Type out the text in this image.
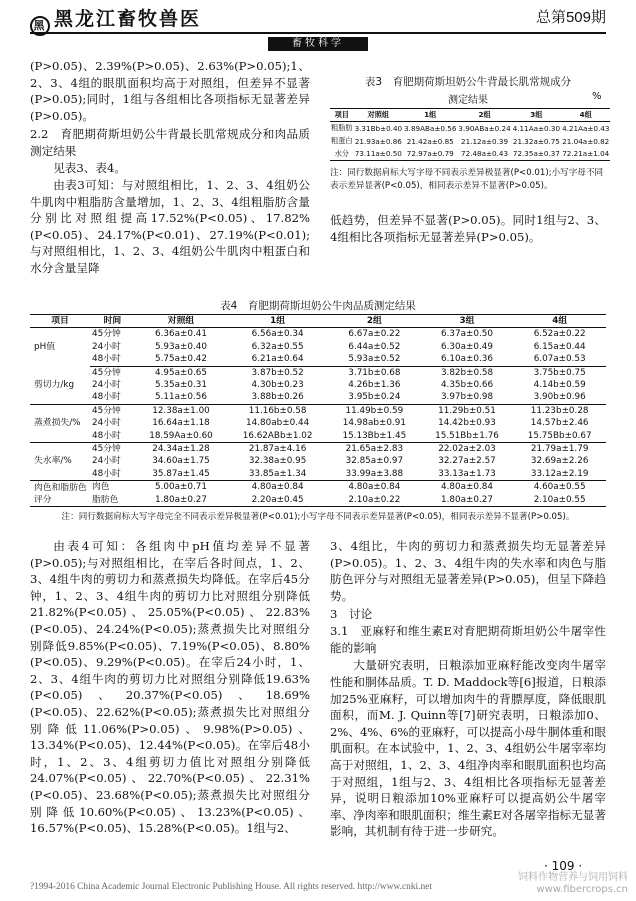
黑 黑龙江畜牧兽医	总第509期
畜牧科学

(P>0.05)、2.39%(P>0.05)、2.63%(P>0.05);1、2、3、4组的眼肌面积均高于对照组，但差异不显著(P>0.05);同时，1组与各组相比各项指标无显著差异(P>0.05)。

2.2　育肥期荷斯坦奶公牛背最长肌常规成分和肉品质测定结果

见表3、表4。

由表3可知：与对照组相比，1、2、3、4组奶公牛肌肉中粗脂肪含量增加，1、2、3、4组粗脂肪含量分别比对照组提高17.52%(P<0.05)、17.82%(P<0.05)、24.17%(P<0.01)、27.19%(P<0.01);与对照组相比，1、2、3、4组奶公牛肌肉中粗蛋白和水分含量呈降

表3　育肥期荷斯坦奶公牛背最长肌常规成分
测定结果	%
项目	对照组	1组	2组	3组	4组
粗脂肪	3.31Bb±0.40	3.89ABa±0.56	3.90ABa±0.24	4.11Aa±0.30	4.21Aa±0.43
粗蛋白	21.93a±0.86	21.42a±0.85	21.12a±0.39	21.32a±0.75	21.04a±0.82
水分	73.11a±0.50	72.97a±0.79	72.48a±0.43	72.35a±0.37	72.21a±1.04
注：同行数据肩标大写字母不同表示差异极显著(P<0.01);小写字母不同表示差异显著(P<0.05)，相同表示差异不显著(P>0.05)。

低趋势，但差异不显著(P>0.05)。同时1组与2、3、4组相比各项指标无显著差异(P>0.05)。

表4　育肥期荷斯坦奶公牛肉品质测定结果
项目	时间	对照组	1组	2组	3组	4组
pH值	45分钟	6.36a±0.41	6.56a±0.34	6.67a±0.22	6.37a±0.50	6.52a±0.22
	24小时	5.93a±0.40	6.32a±0.55	6.44a±0.52	6.30a±0.49	6.15a±0.44
	48小时	5.75a±0.42	6.21a±0.64	5.93a±0.52	6.10a±0.36	6.07a±0.53
剪切力/kg	45分钟	4.95a±0.65	3.87b±0.52	3.71b±0.68	3.82b±0.58	3.75b±0.75
	24小时	5.35a±0.31	4.30b±0.23	4.26b±1.36	4.35b±0.66	4.14b±0.59
	48小时	5.11a±0.56	3.88b±0.26	3.95b±0.24	3.97b±0.98	3.90b±0.96
蒸煮损失/%	45分钟	12.38a±1.00	11.16b±0.58	11.49b±0.59	11.29b±0.51	11.23b±0.28
	24小时	16.64a±1.18	14.80ab±0.44	14.98ab±0.91	14.42b±0.93	14.57b±2.46
	48小时	18.59Aa±0.60	16.62ABb±1.02	15.13Bb±1.45	15.51Bb±1.76	15.75Bb±0.67
失水率/%	45分钟	24.34a±1.28	21.87a±4.16	21.65a±2.83	22.02a±2.03	21.79a±1.79
	24小时	34.60a±1.75	32.38a±0.95	32.85a±0.97	32.27a±2.57	32.69a±2.26
	48小时	35.87a±1.45	33.85a±1.34	33.99a±3.88	33.13a±1.73	33.12a±2.19
肉色和脂肪色评分	肉色	5.00a±0.71	4.80a±0.84	4.80a±0.84	4.80a±0.84	4.60a±0.55
	脂肪色	1.80a±0.27	2.20a±0.45	2.10a±0.22	1.80a±0.27	2.10a±0.55
注：同行数据肩标大写字母完全不同表示差异极显著(P<0.01);小写字母不同表示差异显著(P<0.05)，相同表示差异不显著(P>0.05)。

由表4可知：各组肉中pH值均差异不显著(P>0.05);与对照组相比，在宰后各时间点，1、2、3、4组牛肉的剪切力和蒸煮损失均降低。在宰后45分钟，1、2、3、4组牛肉的剪切力比对照组分别降低21.82%(P<0.05)、25.05%(P<0.05)、22.83%(P<0.05)、24.24%(P<0.05);蒸煮损失比对照组分别降低9.85%(P<0.05)、7.19%(P<0.05)、8.80%(P<0.05)、9.29%(P<0.05)。在宰后24小时，1、2、3、4组牛肉的剪切力比对照组分别降低19.63%(P<0.05)、20.37%(P<0.05)、18.69%(P<0.05)、22.62%(P<0.05);蒸煮损失比对照组分别降低11.06%(P>0.05)、9.98%(P>0.05)、13.34%(P<0.05)、12.44%(P<0.05)。在宰后48小时，1、2、3、4组剪切力值比对照组分别降低24.07%(P<0.05)、22.70%(P<0.05)、22.31%(P<0.05)、23.68%(P<0.05);蒸煮损失比对照组分别降低10.60%(P<0.05)、13.23%(P<0.05)、16.57%(P<0.05)、15.28%(P<0.05)。1组与2、

3、4组比，牛肉的剪切力和蒸煮损失均无显著差异(P>0.05)。1、2、3、4组牛肉的失水率和肉色与脂肪色评分与对照组无显著差异(P>0.05)，但呈下降趋势。

3　讨论

3.1　亚麻籽和维生素E对育肥期荷斯坦奶公牛屠宰性能的影响

大量研究表明，日粮添加亚麻籽能改变肉牛屠宰性能和胴体品质。T. D. Maddock等[6]报道，日粮添加25%亚麻籽，可以增加肉牛的背膘厚度，降低眼肌面积，而M. J. Quinn等[7]研究表明，日粮添加0、2%、4%、6%的亚麻籽，可以提高小母牛胴体重和眼肌面积。在本试验中，1、2、3、4组奶公牛屠宰率均高于对照组，1、2、3、4组净肉率和眼肌面积也均高于对照组，1组与2、3、4组相比各项指标无显著差异，说明日粮添加10%亚麻籽可以提高奶公牛屠宰率、净肉率和眼肌面积；维生素E对各屠宰指标无显著影响，其机制有待于进一步研究。

· 109 ·
?1994-2016 China Academic Journal Electronic Publishing House. All rights reserved. http://www.cnki.net
饲料作物营养与饲用饲料
www.fibercrops.cn
